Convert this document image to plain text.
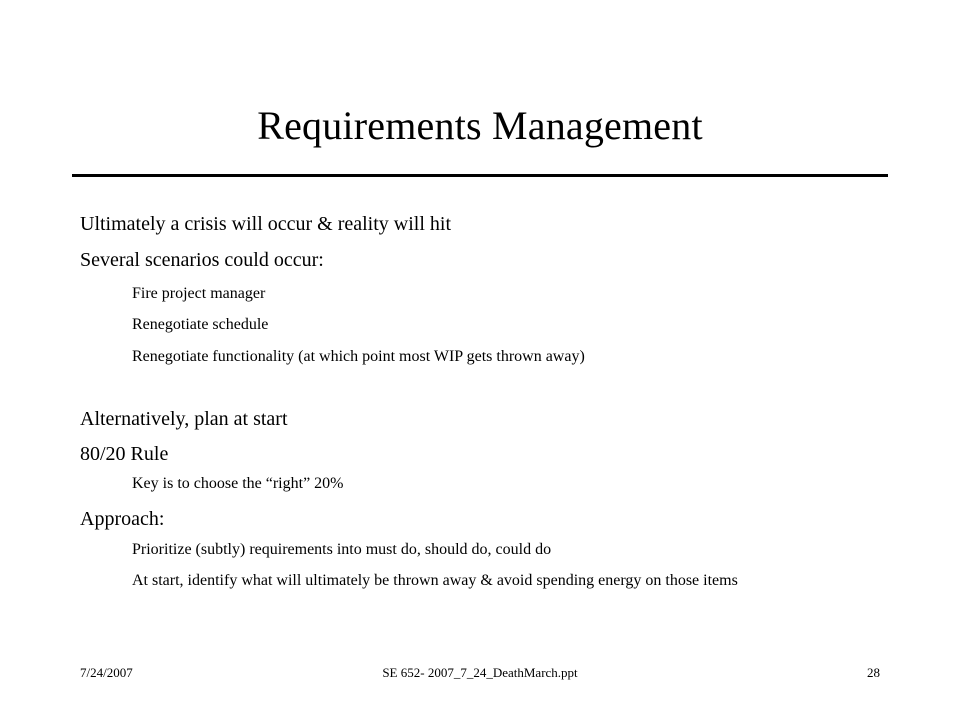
Requirements Management
Ultimately a crisis will occur & reality will hit
Several scenarios could occur:
Fire project manager
Renegotiate schedule
Renegotiate functionality (at which point most WIP gets thrown away)
Alternatively, plan at start
80/20 Rule
Key is to choose the “right” 20%
Approach:
Prioritize (subtly) requirements into must do, should do, could do
At start, identify what will ultimately be thrown away & avoid spending energy on those items
7/24/2007	SE 652- 2007_7_24_DeathMarch.ppt	28
